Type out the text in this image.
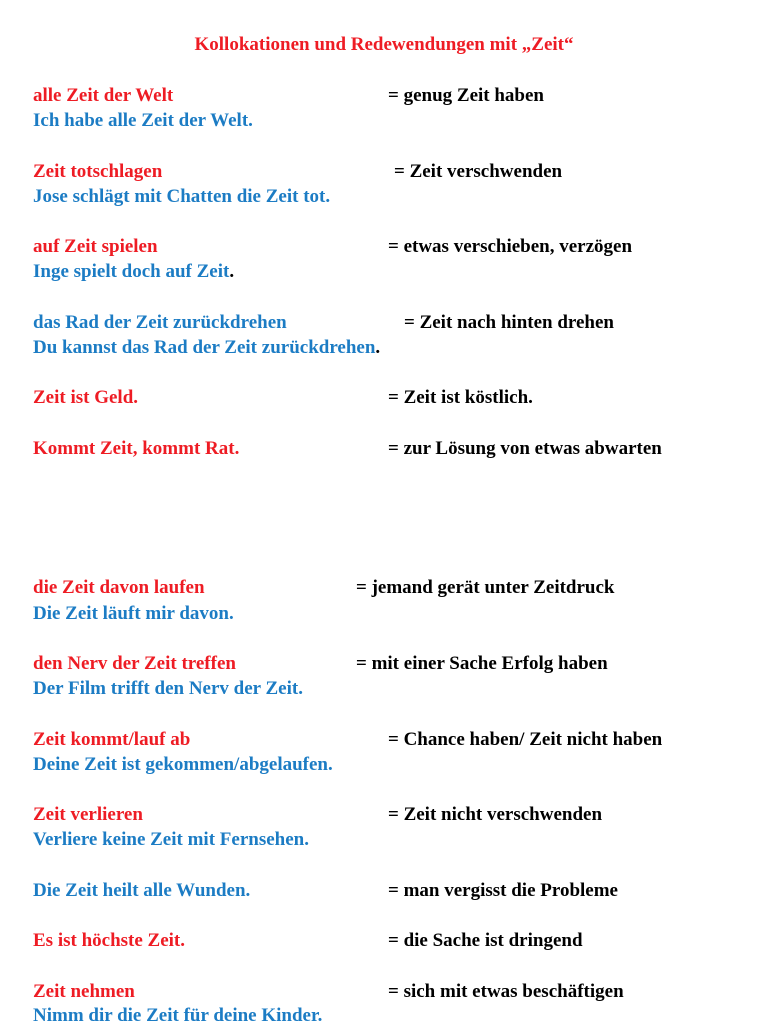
Kollokationen und Redewendungen mit „Zeit“
alle Zeit der Welt	= genug Zeit haben
Ich habe alle Zeit der Welt.
Zeit totschlagen	= Zeit verschwenden
Jose schlägt mit Chatten die Zeit tot.
auf Zeit spielen	= etwas verschieben, verzögen
Inge spielt doch auf Zeit.
das Rad der Zeit zurückdrehen	= Zeit nach hinten drehen
Du kannst das Rad der Zeit zurückdrehen.
Zeit ist Geld.	= Zeit ist köstlich.
Kommt Zeit, kommt Rat.	= zur Lösung von etwas abwarten
die Zeit davon laufen	= jemand gerät unter Zeitdruck
Die Zeit läuft mir davon.
den Nerv der Zeit treffen	= mit einer Sache Erfolg haben
Der Film trifft den Nerv der Zeit.
Zeit kommt/lauf ab	= Chance haben/ Zeit nicht haben
Deine Zeit ist gekommen/abgelaufen.
Zeit verlieren	= Zeit nicht verschwenden
Verliere keine Zeit mit Fernsehen.
Die Zeit heilt alle Wunden.	= man vergisst die Probleme
Es ist höchste Zeit.	= die Sache ist dringend
Zeit nehmen	= sich mit etwas beschäftigen
Nimm dir die Zeit für deine Kinder.
